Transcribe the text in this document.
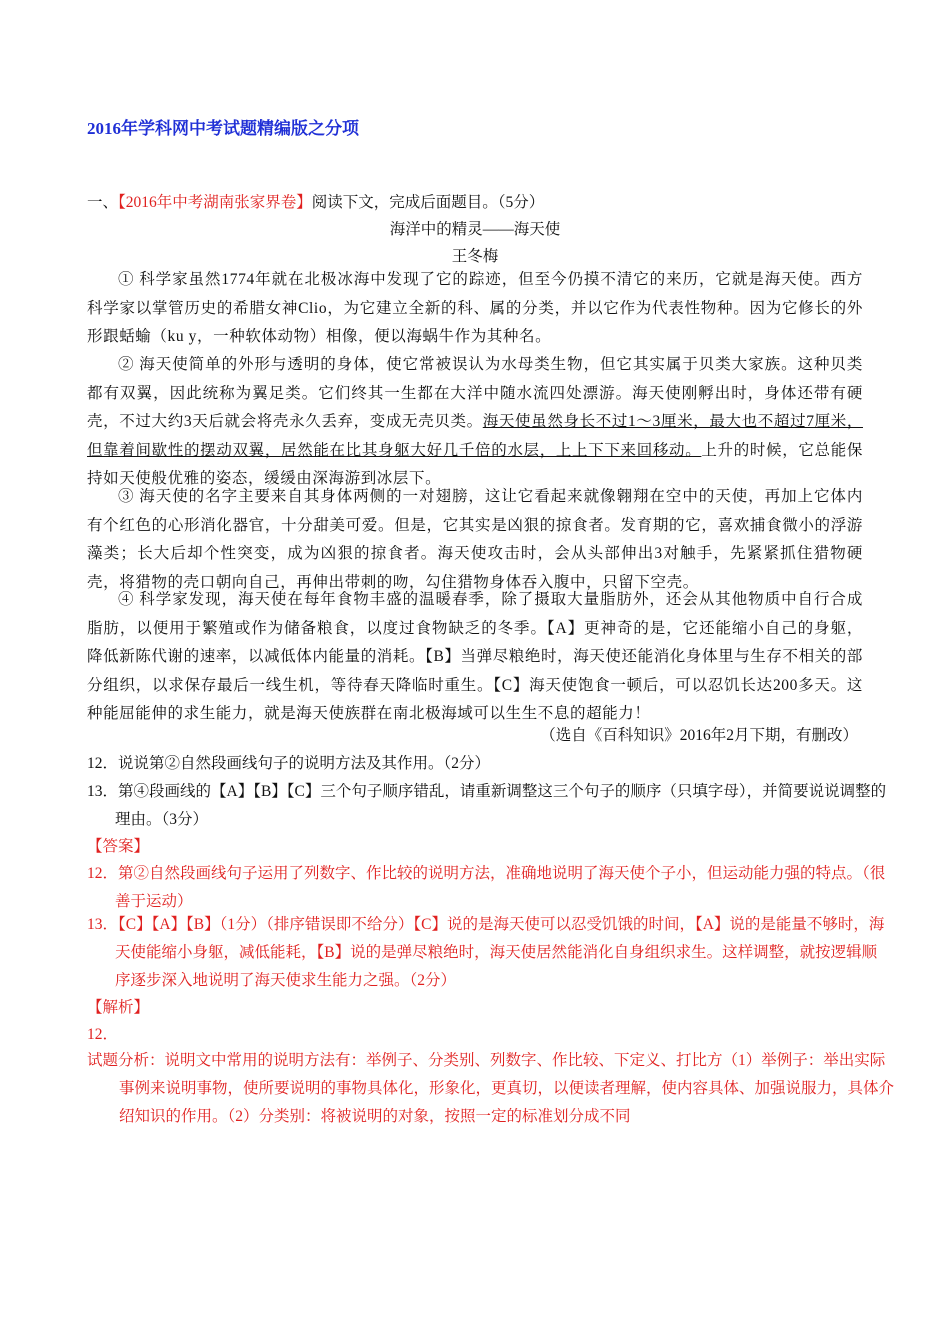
2016年学科网中考试题精编版之分项
一、【2016年中考湖南张家界卷】阅读下文，完成后面题目。（5分）
海洋中的精灵——海天使
王冬梅
① 科学家虽然1774年就在北极冰海中发现了它的踪迹，但至今仍摸不清它的来历，它就是海天使。西方科学家以掌管历史的希腊女神Clio，为它建立全新的科、属的分类，并以它作为代表性物种。因为它修长的外形跟蛞蝓（ku y，一种软体动物）相像，便以海蜗牛作为其种名。
② 海天使简单的外形与透明的身体，使它常被误认为水母类生物，但它其实属于贝类大家族。这种贝类都有双翼，因此统称为翼足类。它们终其一生都在大洋中随水流四处漂游。海天使刚孵出时，身体还带有硬壳，不过大约3天后就会将壳永久丢弃，变成无壳贝类。海天使虽然身长不过1～3厘米，最大也不超过7厘米，但靠着间歇性的摆动双翼，居然能在比其身躯大好几千倍的水层，上上下下来回移动。上升的时候，它总能保持如天使般优雅的姿态，缓缓由深海游到冰层下。
③ 海天使的名字主要来自其身体两侧的一对翅膀，这让它看起来就像翱翔在空中的天使，再加上它体内有个红色的心形消化器官，十分甜美可爱。但是，它其实是凶狠的掠食者。发育期的它，喜欢捕食微小的浮游藻类；长大后却个性突变，成为凶狠的掠食者。海天使攻击时，会从头部伸出3对触手，先紧紧抓住猎物硬壳，将猎物的壳口朝向自己，再伸出带刺的吻，勾住猎物身体吞入腹中，只留下空壳。
④ 科学家发现，海天使在每年食物丰盛的温暖春季，除了摄取大量脂肪外，还会从其他物质中自行合成脂肪，以便用于繁殖或作为储备粮食，以度过食物缺乏的冬季。【A】更神奇的是，它还能缩小自己的身躯，降低新陈代谢的速率，以减低体内能量的消耗。【B】当弹尽粮绝时，海天使还能消化身体里与生存不相关的部分组织，以求保存最后一线生机，等待春天降临时重生。【C】海天使饱食一顿后，可以忍饥长达200多天。这种能屈能伸的求生能力，就是海天使族群在南北极海域可以生生不息的超能力！
（选自《百科知识》2016年2月下期，有删改）
12．说说第②自然段画线句子的说明方法及其作用。（2分）
13．第④段画线的【A】【B】【C】三个句子顺序错乱，请重新调整这三个句子的顺序（只填字母），并简要说说调整的理由。（3分）
【答案】
12．第②自然段画线句子运用了列数字、作比较的说明方法，准确地说明了海天使个子小，但运动能力强的特点。（很善于运动）
13．【C】【A】【B】（1分）（排序错误即不给分）【C】说的是海天使可以忍受饥饿的时间，【A】说的是能量不够时，海天使能缩小身躯，减低能耗，【B】说的是弹尽粮绝时，海天使居然能消化自身组织求生。这样调整，就按逻辑顺序逐步深入地说明了海天使求生能力之强。（2分）
【解析】
12．
试题分析：说明文中常用的说明方法有：举例子、分类别、列数字、作比较、下定义、打比方（1）举例子：举出实际事例来说明事物，使所要说明的事物具体化，形象化，更真切，以便读者理解，使内容具体、加强说服力，具体介绍知识的作用。（2）分类别：将被说明的对象，按照一定的标准划分成不同
